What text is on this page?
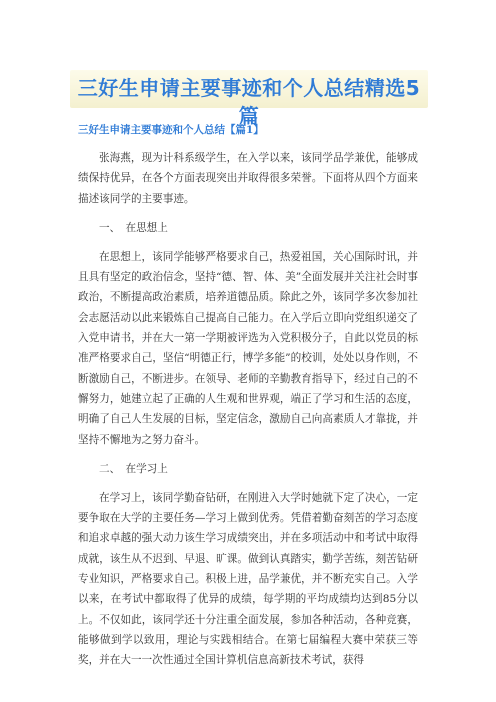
三好生申请主要事迹和个人总结精选5篇
三好生申请主要事迹和个人总结【篇1】

张海燕，现为计科系级学生，在入学以来，该同学品学兼优，能够成绩保持优异，在各个方面表现突出并取得很多荣誉。下面将从四个方面来描述该同学的主要事迹。

一、　在思想上

在思想上，该同学能够严格要求自己，热爱祖国，关心国际时讯，并且具有坚定的政治信念，坚持“德、智、体、美”全面发展并关注社会时事政治，不断提高政治素质，培养道德品质。除此之外，该同学多次参加社会志愿活动以此来锻炼自己提高自己能力。在入学后立即向党组织递交了入党申请书，并在大一第一学期被评选为入党积极分子，自此以党员的标准严格要求自己，坚信“明德正行，博学多能”的校训，处处以身作则，不断激励自己，不断进步。在领导、老师的辛勤教育指导下，经过自己的不懈努力，她建立起了正确的人生观和世界观，端正了学习和生活的态度，明确了自己人生发展的目标，坚定信念，激励自己向高素质人才靠拢，并坚持不懈地为之努力奋斗。

二、　在学习上

在学习上，该同学勤奋钻研，在刚进入大学时她就下定了决心，一定要争取在大学的主要任务—学习上做到优秀。凭借着勤奋刻苦的学习态度和追求卓越的强大动力该生学习成绩突出，并在多项活动中和考试中取得成就，该生从不迟到、早退、旷课。做到认真踏实，勤学苦练，刻苦钻研专业知识，严格要求自己。积极上进，品学兼优，并不断充实自己。入学以来，在考试中都取得了优异的成绩，每学期的平均成绩均达到85分以上。不仅如此，该同学还十分注重全面发展，参加各种活动，各种竞赛，能够做到学以致用，理论与实践相结合。在第七届编程大赛中荣获三等奖，并在大一一次性通过全国计算机信息高新技术考试，获得
